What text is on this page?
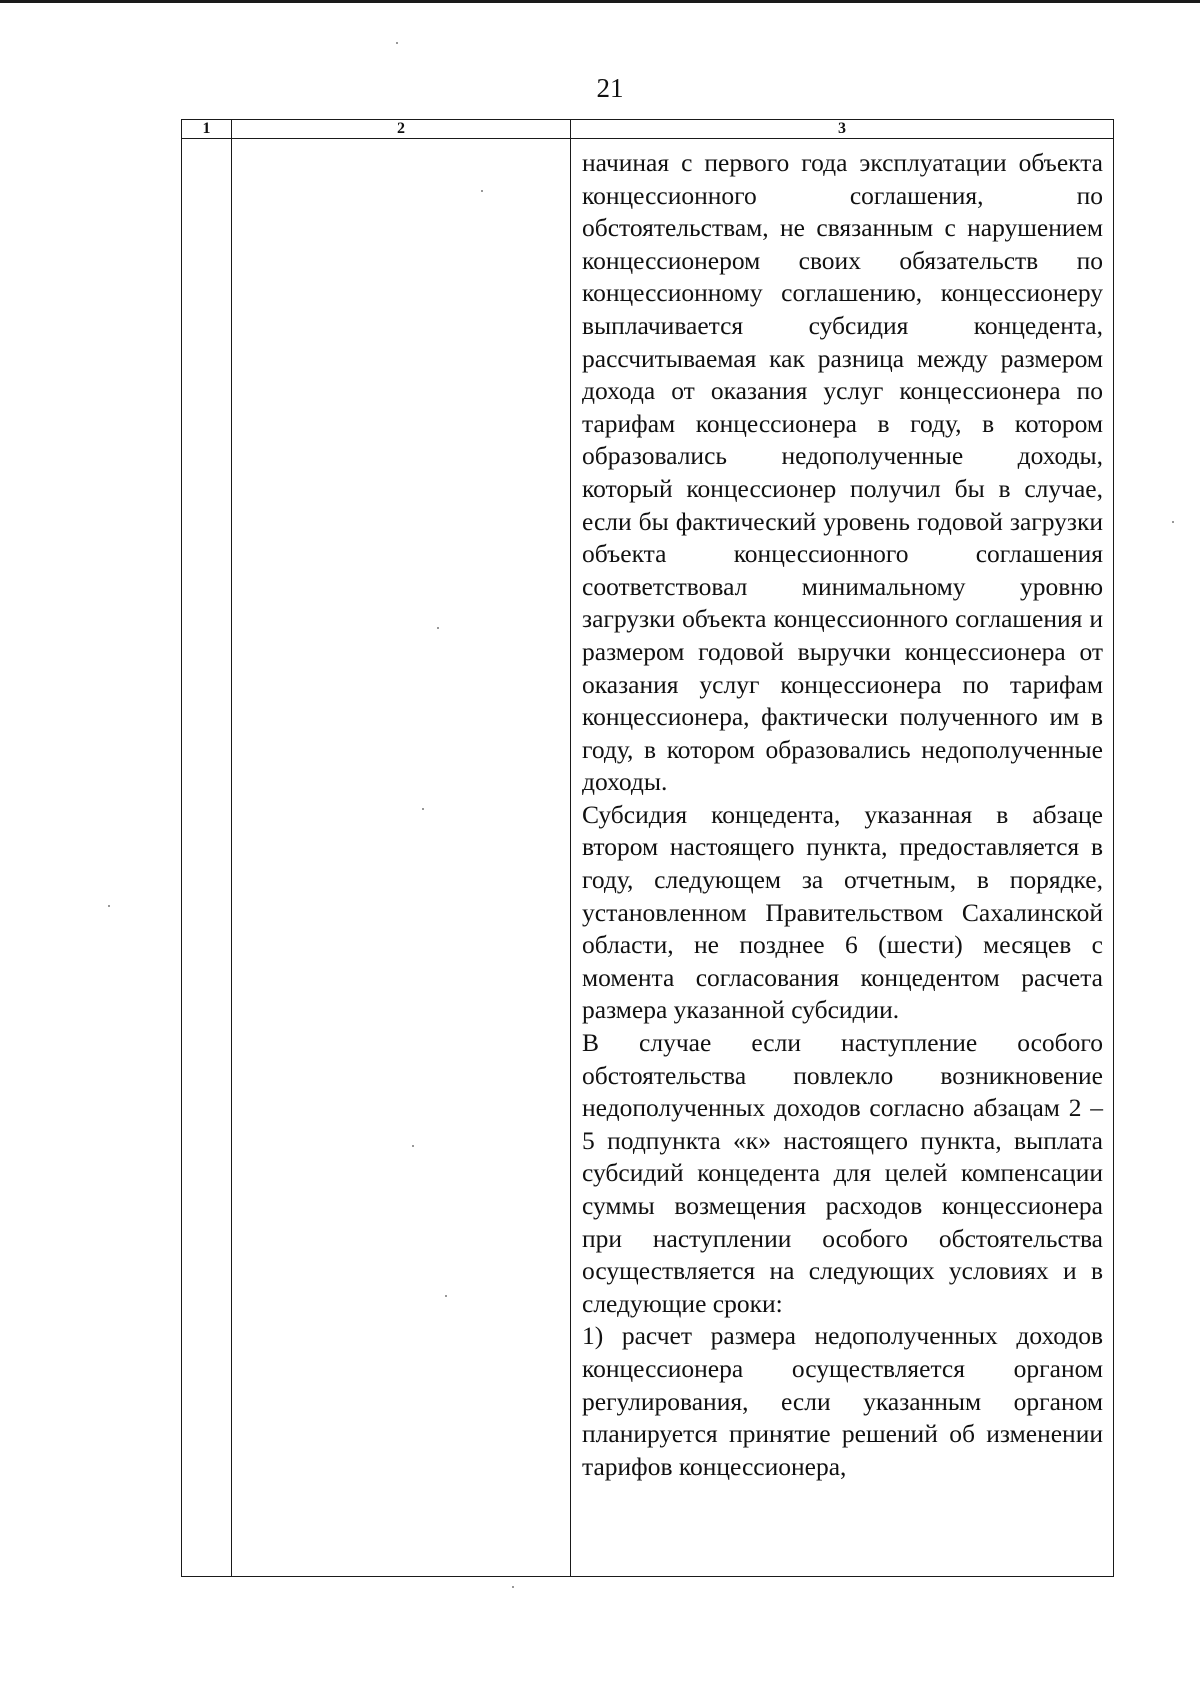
21
1	2	3

		начиная с первого года эксплуатации объекта концессионного соглашения, по обстоятельствам, не связанным с нарушением концессионером своих обязательств по концессионному соглашению, концессионеру выплачивается субсидия концедента, рассчитываемая как разница между размером дохода от оказания услуг концессионера по тарифам концессионера в году, в котором образовались недополученные доходы, который концессионер получил бы в случае, если бы фактический уровень годовой загрузки объекта концессионного соглашения соответствовал минимальному уровню загрузки объекта концессионного соглашения и размером годовой выручки концессионера от оказания услуг концессионера по тарифам концессионера, фактически полученного им в году, в котором образовались недополученные доходы.

Субсидия концедента, указанная в абзаце втором настоящего пункта, предоставляется в году, следующем за отчетным, в порядке, установленном Правительством Сахалинской области, не позднее 6 (шести) месяцев с момента согласования концедентом расчета размера указанной субсидии.

В случае если наступление особого обстоятельства повлекло возникновение недополученных доходов согласно абзацам 2 – 5 подпункта «к» настоящего пункта, выплата субсидий концедента для целей компенсации суммы возмещения расходов концессионера при наступлении особого обстоятельства осуществляется на следующих условиях и в следующие сроки:

1) расчет размера недополученных доходов концессионера осуществляется органом регулирования, если указанным органом планируется принятие решений об изменении тарифов концессионера,
